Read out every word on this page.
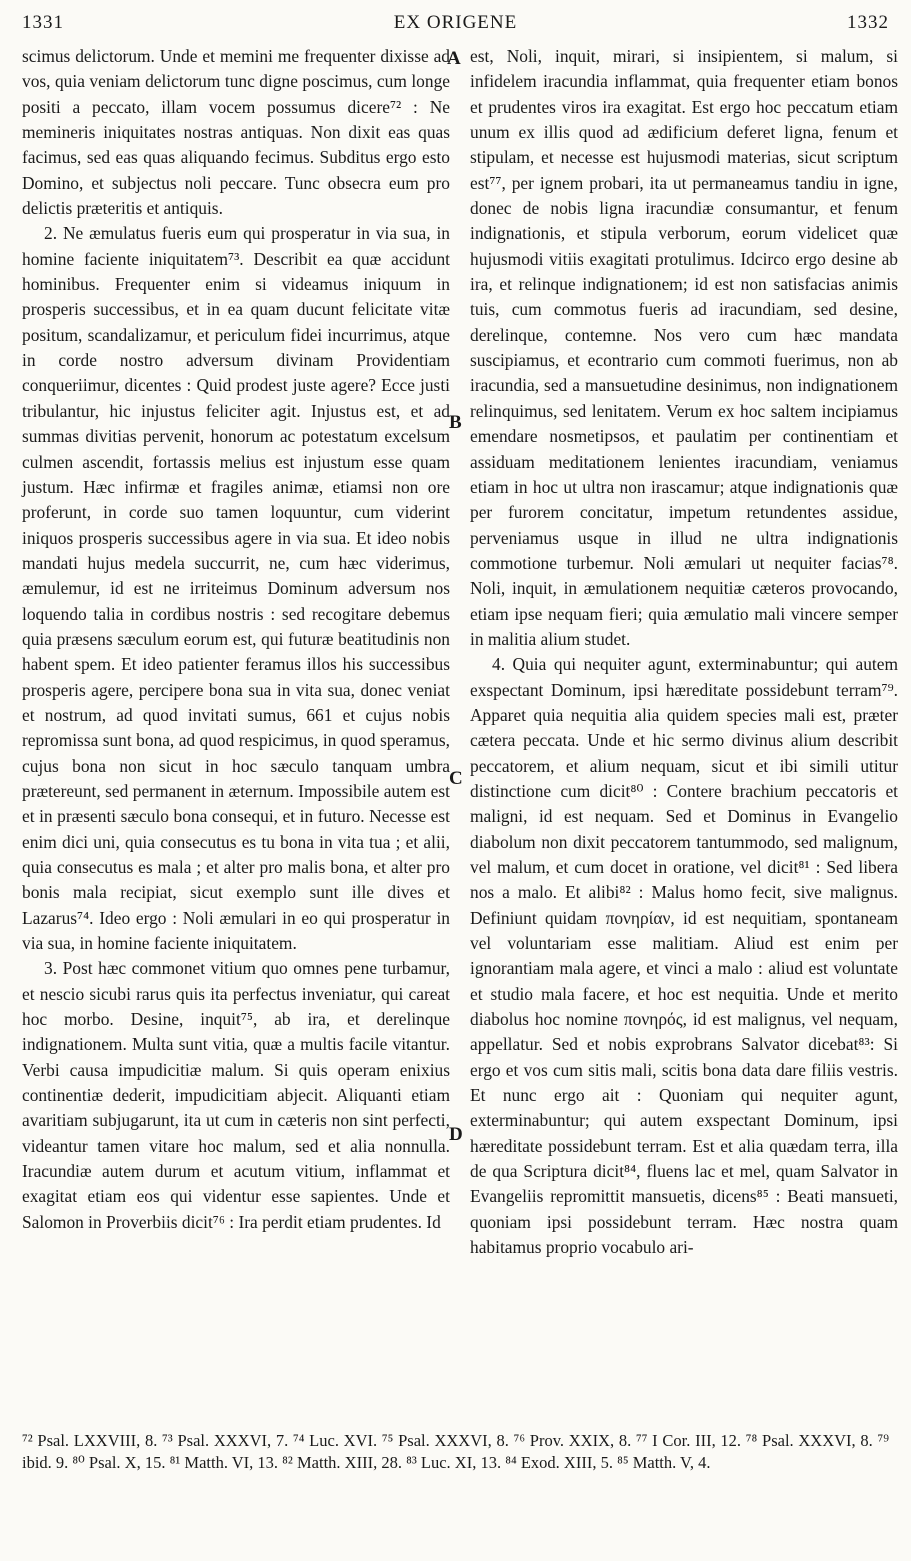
1331	EX ORIGENE	1332

scimus delictorum. Unde et memini me frequenter dixisse ad vos, quia veniam delictorum tunc digne poscimus, cum longe positi a peccato, illam vocem possumus dicere⁷² : Ne memineris iniquitates nostras antiquas. Non dixit eas quas facimus, sed eas quas aliquando fecimus. Subditus ergo esto Domino, et subjectus noli peccare. Tunc obsecra eum pro delictis præteritis et antiquis.

2. Ne æmulatus fueris eum qui prosperatur in via sua, in homine faciente iniquitatem⁷³. Describit ea quæ accidunt hominibus. Frequenter enim si videamus iniquum in prosperis successibus, et in ea quam ducunt felicitate vitæ positum, scandalizamur, et periculum fidei incurrimus, atque in corde nostro adversum divinam Providentiam conqueriimur, dicentes : Quid prodest juste agere? Ecce justi tribulantur, hic injustus feliciter agit. Injustus est, et ad summas divitias pervenit, honorum ac potestatum excelsum culmen ascendit, fortassis melius est injustum esse quam justum. Hæc infirmæ et fragiles animæ, etiamsi non ore proferunt, in corde suo tamen loquuntur, cum viderint iniquos prosperis successibus agere in via sua. Et ideo nobis mandati hujus medela succurrit, ne, cum hæc viderimus, æmulemur, id est ne irriteimus Dominum adversum nos loquendo talia in cordibus nostris : sed recogitare debemus quia præsens sæculum eorum est, qui futuræ beatitudinis non habent spem. Et ideo patienter feramus illos his successibus prosperis agere, percipere bona sua in vita sua, donec veniat et nostrum, ad quod invitati sumus, 661 et cujus nobis repromissa sunt bona, ad quod respicimus, in quod speramus, cujus bona non sicut in hoc sæculo tanquam umbra prætereunt, sed permanent in æternum. Impossibile autem est et in præsenti sæculo bona consequi, et in futuro. Necesse est enim dici uni, quia consecutus es tu bona in vita tua ; et alii, quia consecutus es mala ; et alter pro malis bona, et alter pro bonis mala recipiat, sicut exemplo sunt ille dives et Lazarus⁷⁴. Ideo ergo : Noli æmulari in eo qui prosperatur in via sua, in homine faciente iniquitatem.

3. Post hæc commonet vitium quo omnes pene turbamur, et nescio sicubi rarus quis ita perfectus inveniatur, qui careat hoc morbo. Desine, inquit⁷⁵, ab ira, et derelinque indignationem. Multa sunt vitia, quæ a multis facile vitantur. Verbi causa impudicitiæ malum. Si quis operam enixius continentiæ dederit, impudicitiam abjecit. Aliquanti etiam avaritiam subjugarunt, ita ut cum in cæteris non sint perfecti, videantur tamen vitare hoc malum, sed et alia nonnulla. Iracundiæ autem durum et acutum vitium, inflammat et exagitat etiam eos qui videntur esse sapientes. Unde et Salomon in Proverbiis dicit⁷⁶ : Ira perdit etiam prudentes. Id

est, Noli, inquit, mirari, si insipientem, si malum, si infidelem iracundia inflammat, quia frequenter etiam bonos et prudentes viros ira exagitat. Est ergo hoc peccatum etiam unum ex illis quod ad ædificium deferet ligna, fenum et stipulam, et necesse est hujusmodi materias, sicut scriptum est⁷⁷, per ignem probari, ita ut permaneamus tandiu in igne, donec de nobis ligna iracundiæ consumantur, et fenum indignationis, et stipula verborum, eorum videlicet quæ hujusmodi vitiis exagitati protulimus. Idcirco ergo desine ab ira, et relinque indignationem; id est non satisfacias animis tuis, cum commotus fueris ad iracundiam, sed desine, derelinque, contemne. Nos vero cum hæc mandata suscipiamus, et econtrario cum commoti fuerimus, non ab iracundia, sed a mansuetudine desinimus, non indignationem relinquimus, sed lenitatem. Verum ex hoc saltem incipiamus emendare nosmetipsos, et paulatim per continentiam et assiduam meditationem lenientes iracundiam, veniamus etiam in hoc ut ultra non irascamur; atque indignationis quæ per furorem concitatur, impetum retundentes assidue, perveniamus usque in illud ne ultra indignationis commotione turbemur. Noli æmulari ut nequiter facias⁷⁸. Noli, inquit, in æmulationem nequitiæ cæteros provocando, etiam ipse nequam fieri; quia æmulatio mali vincere semper in malitia alium studet.

4. Quia qui nequiter agunt, exterminabuntur; qui autem exspectant Dominum, ipsi hæreditate possidebunt terram⁷⁹. Apparet quia nequitia alia quidem species mali est, præter cætera peccata. Unde et hic sermo divinus alium describit peccatorem, et alium nequam, sicut et ibi simili utitur distinctione cum dicit⁸⁰ : Contere brachium peccatoris et maligni, id est nequam. Sed et Dominus in Evangelio diabolum non dixit peccatorem tantummodo, sed malignum, vel malum, et cum docet in oratione, vel dicit⁸¹ : Sed libera nos a malo. Et alibi⁸² : Malus homo fecit, sive malignus. Definiunt quidam πονηρίαν, id est nequitiam, spontaneam vel voluntariam esse malitiam. Aliud est enim per ignorantiam mala agere, et vinci a malo : aliud est voluntate et studio mala facere, et hoc est nequitia. Unde et merito diabolus hoc nomine πονηρός, id est malignus, vel nequam, appellatur. Sed et nobis exprobrans Salvator dicebat⁸³: Si ergo et vos cum sitis mali, scitis bona data dare filiis vestris. Et nunc ergo ait : Quoniam qui nequiter agunt, exterminabuntur; qui autem exspectant Dominum, ipsi hæreditate possidebunt terram. Est et alia quædam terra, illa de qua Scriptura dicit⁸⁴, fluens lac et mel, quam Salvator in Evangeliis repromittit mansuetis, dicens⁸⁵ : Beati mansueti, quoniam ipsi possidebunt terram. Hæc nostra quam habitamus proprio vocabulo ari-

A
B
C
D
⁷² Psal. LXXVIII, 8. ⁷³ Psal. XXXVI, 7. ⁷⁴ Luc. XVI. ⁷⁵ Psal. XXXVI, 8. ⁷⁶ Prov. XXIX, 8. ⁷⁷ I Cor. III, 12. ⁷⁸ Psal. XXXVI, 8. ⁷⁹ ibid. 9. ⁸⁰ Psal. X, 15. ⁸¹ Matth. VI, 13. ⁸² Matth. XIII, 28. ⁸³ Luc. XI, 13. ⁸⁴ Exod. XIII, 5. ⁸⁵ Matth. V, 4.
